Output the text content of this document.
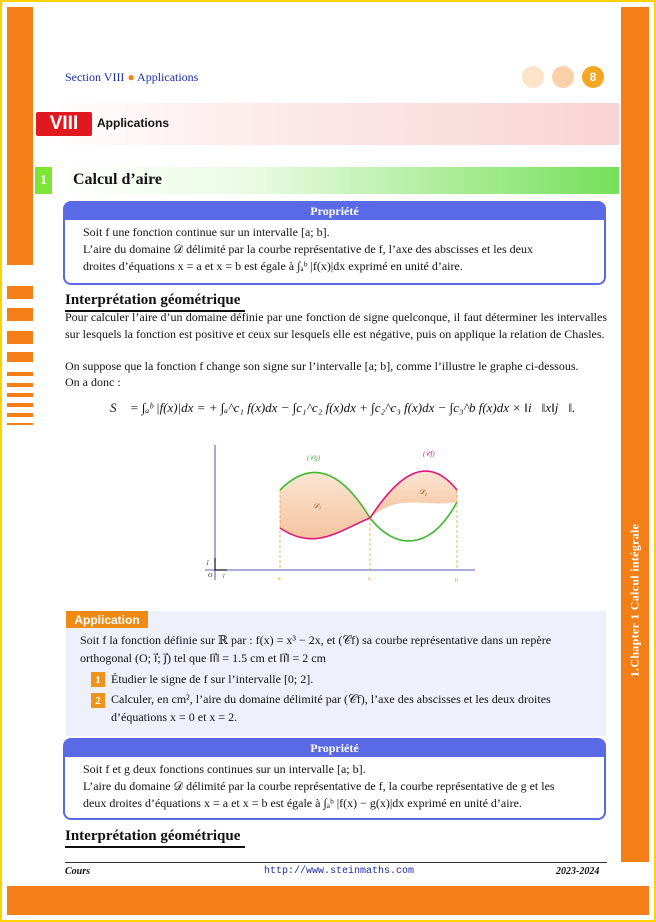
1.Chapter 1 Calcul intégrale
Section VIII ● Applications	8
VIII	Applications
1	Calcul d’aire
Propriété
Soit f une fonction continue sur un intervalle [a; b].
L’aire du domaine 𝒟 délimité par la courbe représentative de f, l’axe des abscisses et les deux
droites d’équations x = a et x = b est égale à ∫ₐᵇ |f(x)|dx exprimé en unité d’aire.
Interprétation géométrique
Pour calculer l’aire d’un domaine définie par une fonction de signe quelconque, il faut déterminer les intervalles sur lesquels la fonction est positive et ceux sur lesquels elle est négative, puis on applique la relation de Chasles.
On suppose que la fonction f change son signe sur l’intervalle [a; b], comme l’illustre le graphe ci-dessous.
On a donc :
S𝒟 = ∫ₐᵇ |f(x)|dx = + ∫ₐ^c₁ f(x)dx − ∫c₁^c₂ f(x)dx + ∫c₂^c₃ f(x)dx − ∫c₃^b f(x)dx × ‖i⃗‖x‖j⃗‖.
(𝒞ɡ)	(𝒞f)
𝒟₁
𝒟₂
a	c	b
O i⃗
j⃗
Application
Soit f la fonction définie sur ℝ par : f(x) = x³ − 2x, et (𝒞f) sa courbe représentative dans un repère
orthogonal (O; i⃗; j⃗) tel que ‖i⃗‖ = 1.5 cm et ‖i⃗‖ = 2 cm
1 Étudier le signe de f sur l’intervalle [0; 2].
2 Calculer, en cm², l’aire du domaine délimité par (𝒞f), l’axe des abscisses et les deux droites
d’équations x = 0 et x = 2.
Propriété
Soit f et g deux fonctions continues sur un intervalle [a; b].
L’aire du domaine 𝒟 délimité par la courbe représentative de f, la courbe représentative de g et les
deux droites d’équations x = a et x = b est égale à ∫ₐᵇ |f(x) − g(x)|dx exprimé en unité d’aire.
Interprétation géométrique
Cours	http://www.steinmaths.com	2023-2024
